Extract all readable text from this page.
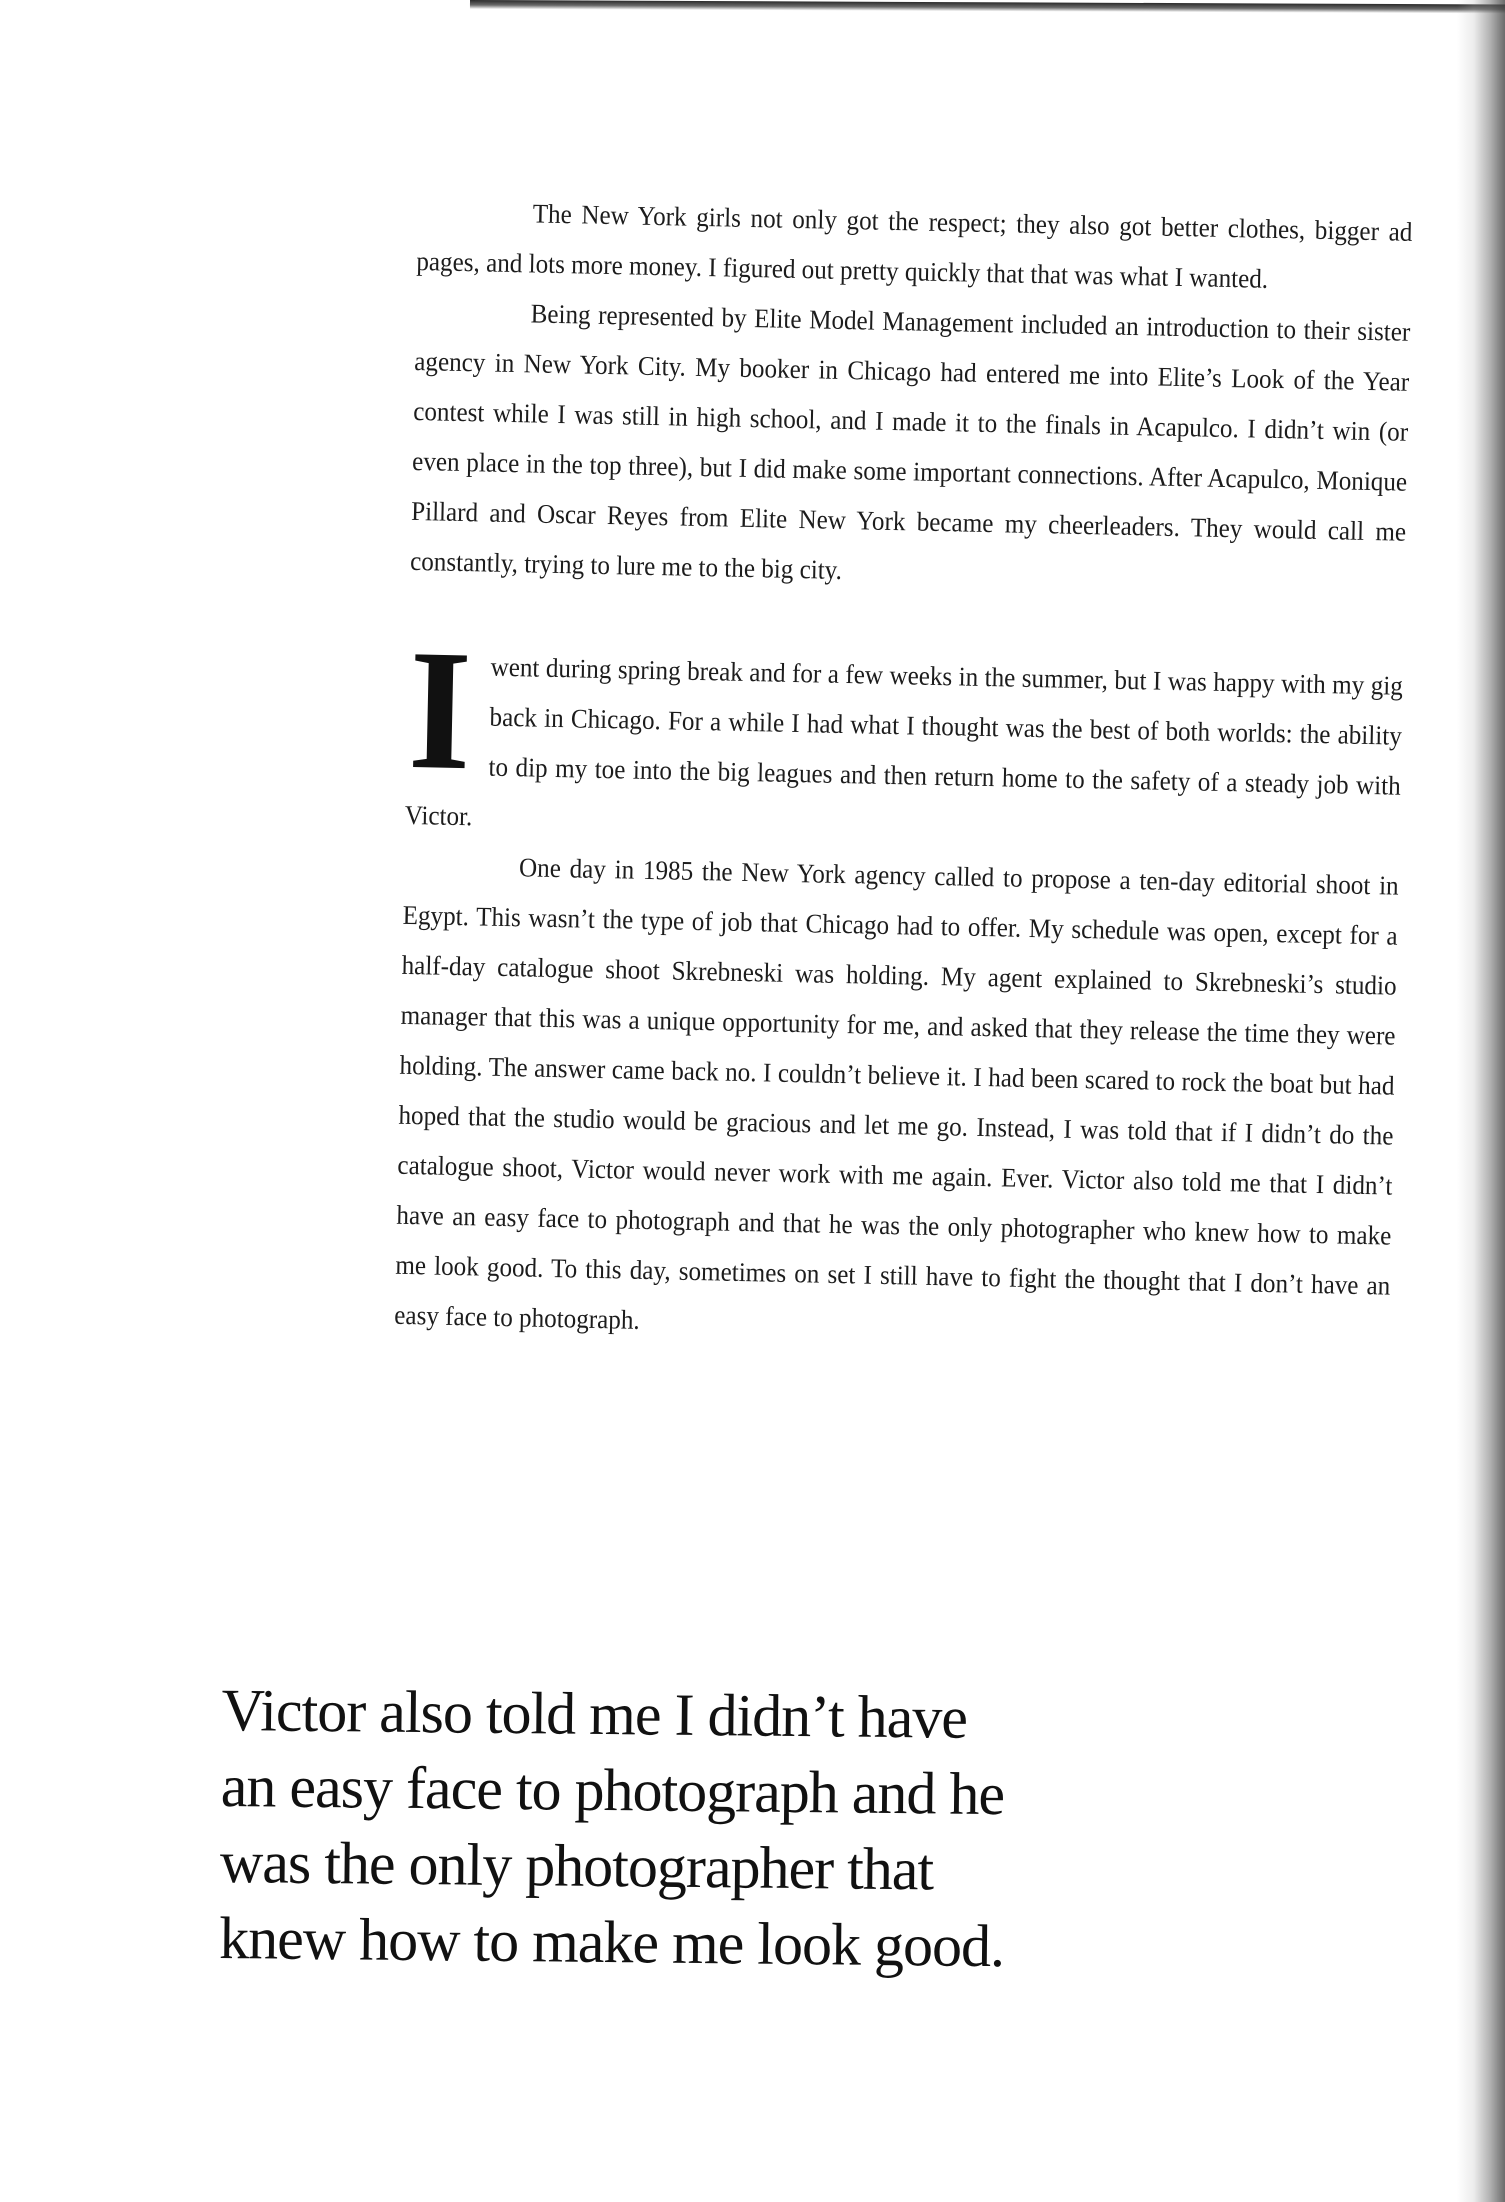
The New York girls not only got the respect; they also got better clothes, bigger ad pages, and lots more money. I figured out pretty quickly that that was what I wanted.

Being represented by Elite Model Management included an introduction to their sister agency in New York City. My booker in Chicago had entered me into Elite’s Look of the Year contest while I was still in high school, and I made it to the finals in Acapulco. I didn’t win (or even place in the top three), but I did make some important connections. After Acapulco, Monique Pillard and Oscar Reyes from Elite New York became my cheerleaders. They would call me constantly, trying to lure me to the big city.

Iwent during spring break and for a few weeks in the summer, but I was happy with my gig back in Chicago. For a while I had what I thought was the best of both worlds: the ability to dip my toe into the big leagues and then return home to the safety of a steady job with Victor.

One day in 1985 the New York agency called to propose a ten-day editorial shoot in Egypt. This wasn’t the type of job that Chicago had to offer. My schedule was open, except for a half-day catalogue shoot Skrebneski was holding. My agent explained to Skrebneski’s studio manager that this was a unique opportunity for me, and asked that they release the time they were holding. The answer came back no. I couldn’t believe it. I had been scared to rock the boat but had hoped that the studio would be gracious and let me go. Instead, I was told that if I didn’t do the catalogue shoot, Victor would never work with me again. Ever. Victor also told me that I didn’t have an easy face to photograph and that he was the only photographer who knew how to make me look good. To this day, sometimes on set I still have to fight the thought that I don’t have an easy face to photograph.

Victor also told me I didn’t have
an easy face to photograph and he
was the only photographer that
knew how to make me look good.
